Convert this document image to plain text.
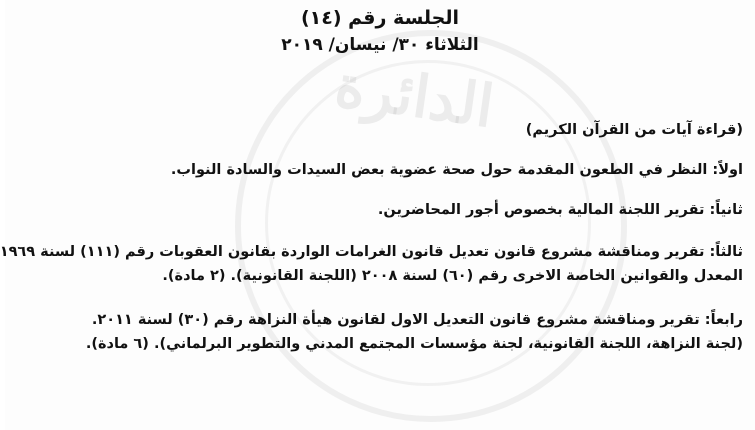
الدائرة

الجلسة رقم (١٤)

الثلاثاء ٣٠/ نيسان/ ٢٠١٩

(قراءة آيات من القرآن الكريم)

اولاً: النظر في الطعون المقدمة حول صحة عضوية بعض السيدات والسادة النواب.

ثانياً: تقرير اللجنة المالية بخصوص أجور المحاضرين.

ثالثاً: تقرير ومناقشة مشروع قانون تعديل قانون الغرامات الواردة بقانون العقوبات رقم (١١١) لسنة ١٩٦٩
المعدل والقوانين الخاصة الاخرى رقم (٦٠) لسنة ٢٠٠٨ (اللجنة القانونية). (٢ مادة).

رابعاً: تقرير ومناقشة مشروع قانون التعديل الاول لقانون هيأة النزاهة رقم (٣٠) لسنة ٢٠١١.
(لجنة النزاهة، اللجنة القانونية، لجنة مؤسسات المجتمع المدني والتطوير البرلماني). (٦ مادة).
